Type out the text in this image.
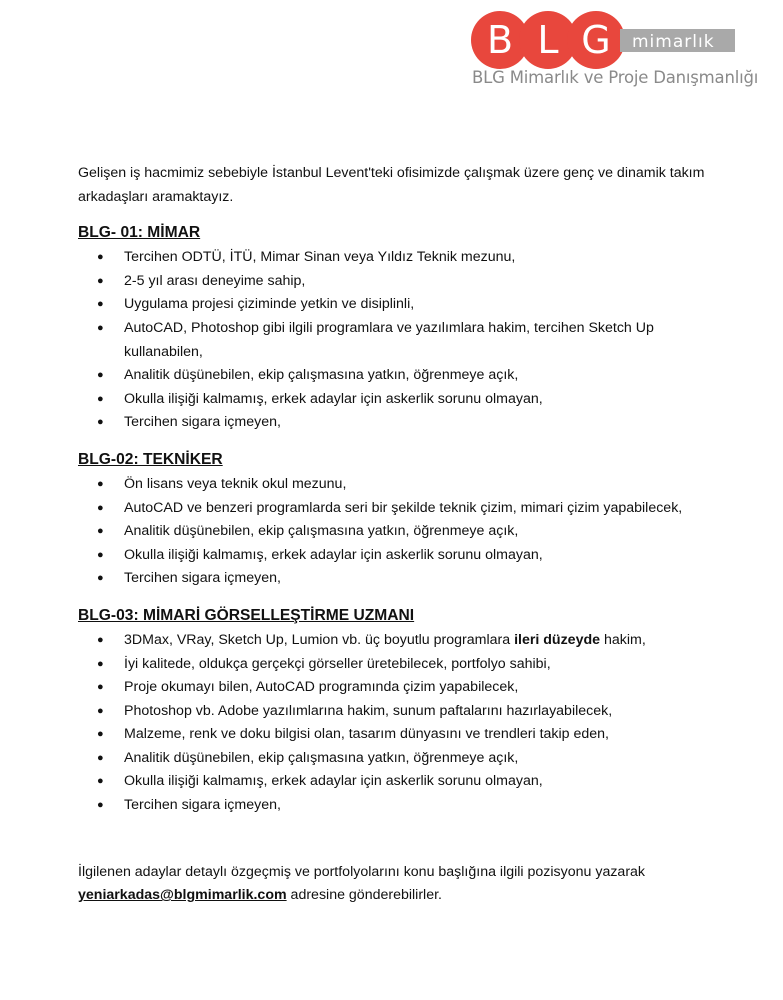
B L G mimarlık
BLG Mimarlık ve Proje Danışmanlığı

Gelişen iş hacmimiz sebebiyle İstanbul Levent'teki ofisimizde çalışmak üzere genç ve dinamik takım arkadaşları aramaktayız.

BLG- 01: MİMAR
● Tercihen ODTÜ, İTÜ, Mimar Sinan veya Yıldız Teknik mezunu,
● 2-5 yıl arası deneyime sahip,
● Uygulama projesi çiziminde yetkin ve disiplinli,
● AutoCAD, Photoshop gibi ilgili programlara ve yazılımlara hakim, tercihen Sketch Up kullanabilen,
● Analitik düşünebilen, ekip çalışmasına yatkın, öğrenmeye açık,
● Okulla ilişiği kalmamış, erkek adaylar için askerlik sorunu olmayan,
● Tercihen sigara içmeyen,
BLG-02: TEKNİKER
● Ön lisans veya teknik okul mezunu,
● AutoCAD ve benzeri programlarda seri bir şekilde teknik çizim, mimari çizim yapabilecek,
● Analitik düşünebilen, ekip çalışmasına yatkın, öğrenmeye açık,
● Okulla ilişiği kalmamış, erkek adaylar için askerlik sorunu olmayan,
● Tercihen sigara içmeyen,
BLG-03: MİMARİ GÖRSELLEŞTİRME UZMANI
● 3DMax, VRay, Sketch Up, Lumion vb. üç boyutlu programlara ileri düzeyde hakim,
● İyi kalitede, oldukça gerçekçi görseller üretebilecek, portfolyo sahibi,
● Proje okumayı bilen, AutoCAD programında çizim yapabilecek,
● Photoshop vb. Adobe yazılımlarına hakim, sunum paftalarını hazırlayabilecek,
● Malzeme, renk ve doku bilgisi olan, tasarım dünyasını ve trendleri takip eden,
● Analitik düşünebilen, ekip çalışmasına yatkın, öğrenmeye açık,
● Okulla ilişiği kalmamış, erkek adaylar için askerlik sorunu olmayan,
● Tercihen sigara içmeyen,
İlgilenen adaylar detaylı özgeçmiş ve portfolyolarını konu başlığına ilgili pozisyonu yazarak
yeniarkadas@blgmimarlik.com adresine gönderebilirler.
